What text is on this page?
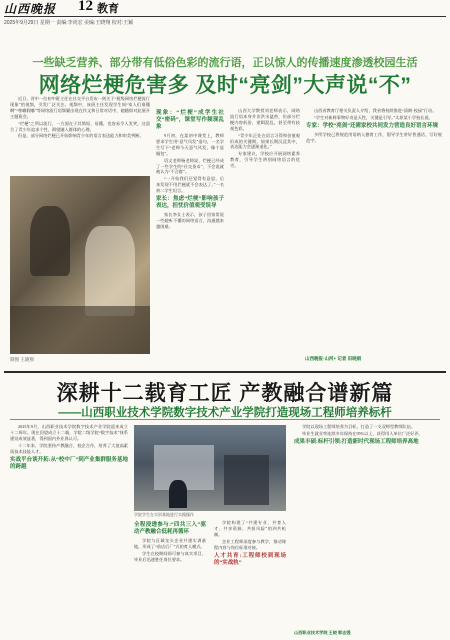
山西晚报 12 教育
2025年9月29日 星期一 责编:李尚宏 美编:王晓翔 校对:王颖
一些缺乏营养、部分带有低俗色彩的流行语，正以惊人的传播速度渗透校园生活
网络烂梗危害多 及时“亮剑”大声说“不”

近日，晋中一位初中班主任在社交平台发布一则关于“班级网络烂梗流行现象”的视频，引发广泛关注。视频中，该班主任发现学生间“家人们谁懂啊”“尊嘟假嘟”等网络流行语频繁出现在作文和日常对话中，她随即对此展开主题班会。

“烂梗”之所以流行，一方面在于其简短、易懂，也容易令人发笑，这迎合了青少年追求个性、渴望融入群体的心理。

但是，部分网络烂梗已开始影响青少年的语言表达能力和审美判断。

制图 王晓翔

现象：“烂梗”成学生社交“密码”，课堂写作频现乱象

9月初，在某初中课堂上，教师要求学生用“意气风发”造句，一名学生写下“老师今天意气风发，像个显眼包”。

语文老师杨老师说，烂梗已经成了一些学生的“社交货币”，不会说就被认为“不合群”。

“一开始我们还觉得有意思，后来发现不用烂梗就不会表达了。”一名初二学生坦言。

家长：焦虑“烂梗”影响孩子表达，担忧价值观受误导

家长李女士表示，孩子回家常说一些她听不懂的网络语言，沟通越来越困难。

山西大学教授刘老师表示，网络流行语本身并非洪水猛兽，但部分烂梗内容低俗、逻辑混乱，甚至带有歧视色彩。

“青少年正处在语言习得和价值观形成的关键期，如果长期沉浸其中，表达能力会逐渐退化。”

专家建议，学校应开展网络素养教育，引导学生辨别网络语言的优劣。

山西省教育厅相关负责人介绍，我省将持续推进“清朗·校园”行动。

“学生对新鲜事物好奇是天性，关键是引导。”太原某小学校长说。

专家：学校“亮剑”还需家校共同发力营造良好语言环境

多所学校已将规范用语纳入德育工作，倡导学生讲好普通话、写好规范字。

山西晚报·山河+ 记者 田晓娟
深耕十二载育工匠 产教融合谱新篇
——山西职业技术学院数字技术产业学院打造现场工程师培养标杆

2025年9月，山西职业技术学院数字技术产业学院迎来成立十二周年。现在回望成立十二载，学院二级学院“数字技术”体系建设成效显著，得到国内外业界认可。

十二年来，学院坚持产教融合、校企合作，培养了大批高素质技术技能人才。

实战平台谈开拓:从“校中厂”到产业集群服务基地的跨越

学院学生在实训基地进行实践操作

全程浸透参与:“四共三入”驱动产教融合低耗再循环

学院与区域龙头企业共建实训基地，形成了“前店后厂”式的育人模式。

学生在校期间即可参与真实项目，毕业后迅速胜任岗位要求。

学院构建了“共建专业、共育人才、共享资源、共担风险”的四共机制。

企业工程师深度参与教学，推动课程内容与岗位标准对接。

人才共育:工程师校到现场的“实战轨”

学院以现场工程师培养为目标，打造了一支双师型教师队伍。

毕业生就业率连续多年保持在95%以上，获得用人单位广泛好评。

成果丰硕:标杆引领:打造新时代现场工程师培养高地

山西职业技术学院 王晓 郭志强
